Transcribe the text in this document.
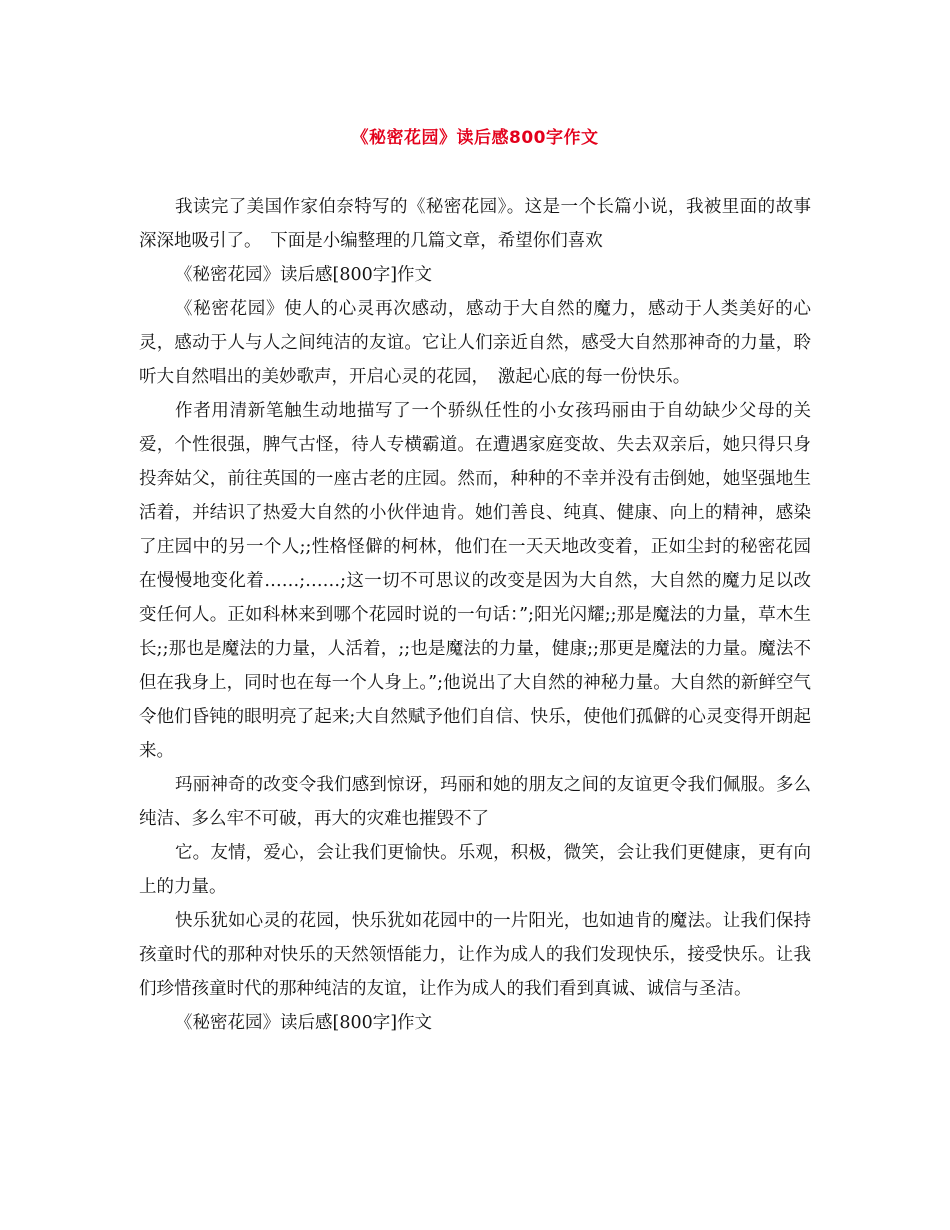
《秘密花园》读后感800字作文

我读完了美国作家伯奈特写的《秘密花园》。这是一个长篇小说，我被里面的故事深深地吸引了。　下面是小编整理的几篇文章，希望你们喜欢

《秘密花园》读后感[800字]作文

《秘密花园》使人的心灵再次感动，感动于大自然的魔力，感动于人类美好的心灵，感动于人与人之间纯洁的友谊。它让人们亲近自然，感受大自然那神奇的力量，聆听大自然唱出的美妙歌声，开启心灵的花园，　激起心底的每一份快乐。

作者用清新笔触生动地描写了一个骄纵任性的小女孩玛丽由于自幼缺少父母的关爱，个性很强，脾气古怪，待人专横霸道。在遭遇家庭变故、失去双亲后，她只得只身投奔姑父，前往英国的一座古老的庄园。然而，种种的不幸并没有击倒她，她坚强地生活着，并结识了热爱大自然的小伙伴迪肯。她们善良、纯真、健康、向上的精神，感染了庄园中的另一个人;;性格怪僻的柯林，他们在一天天地改变着，正如尘封的秘密花园在慢慢地变化着……;……;这一切不可思议的改变是因为大自然，大自然的魔力足以改变任何人。正如科林来到哪个花园时说的一句话：”;阳光闪耀;;那是魔法的力量，草木生长;;那也是魔法的力量，人活着，;;也是魔法的力量，健康;;那更是魔法的力量。魔法不但在我身上，同时也在每一个人身上。”;他说出了大自然的神秘力量。大自然的新鲜空气令他们昏钝的眼明亮了起来;大自然赋予他们自信、快乐，使他们孤僻的心灵变得开朗起来。

玛丽神奇的改变令我们感到惊讶，玛丽和她的朋友之间的友谊更令我们佩服。多么纯洁、多么牢不可破，再大的灾难也摧毁不了

它。友情，爱心，会让我们更愉快。乐观，积极，微笑，会让我们更健康，更有向上的力量。

快乐犹如心灵的花园，快乐犹如花园中的一片阳光，也如迪肯的魔法。让我们保持孩童时代的那种对快乐的天然领悟能力，让作为成人的我们发现快乐，接受快乐。让我们珍惜孩童时代的那种纯洁的友谊，让作为成人的我们看到真诚、诚信与圣洁。

《秘密花园》读后感[800字]作文
